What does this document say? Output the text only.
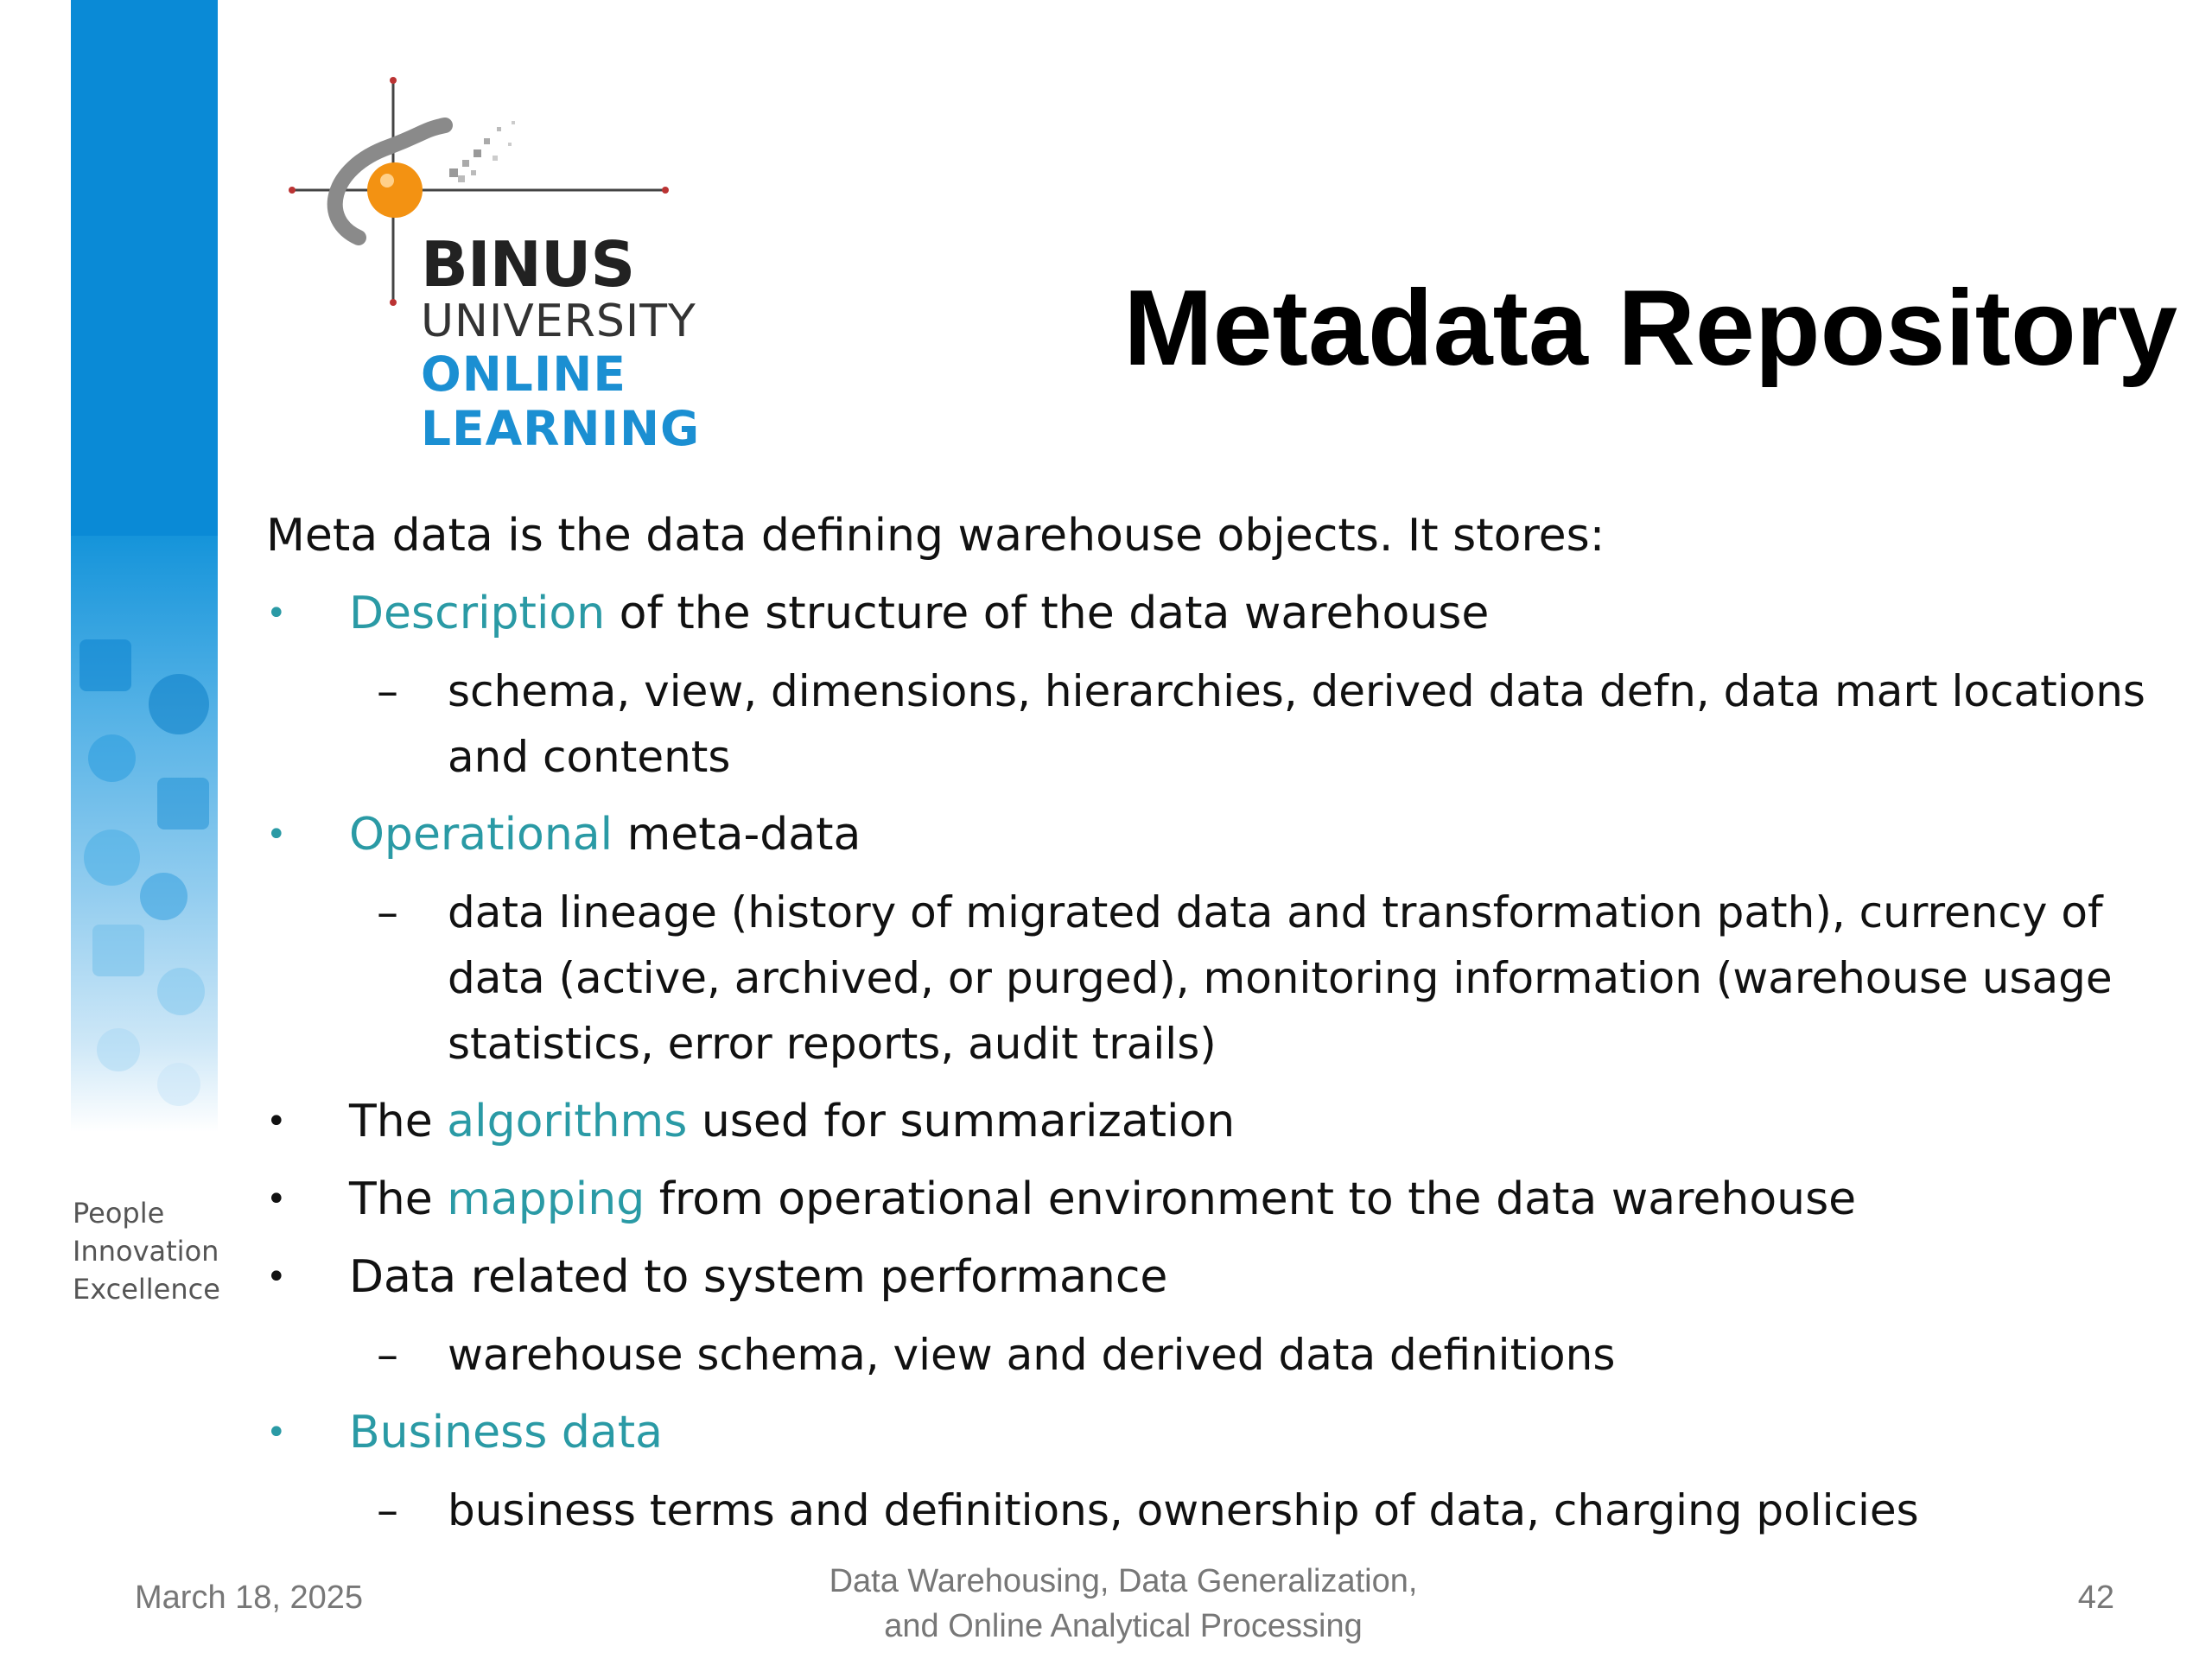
People
Innovation
Excellence
BINUS
UNIVERSITY
ONLINE
LEARNING
Metadata Repository
Meta data is the data defining warehouse objects. It stores:
• Description of the structure of the data warehouse
– schema, view, dimensions, hierarchies, derived data defn, data mart locations and contents
• Operational meta-data
– data lineage (history of migrated data and transformation path), currency of data (active, archived, or purged), monitoring information (warehouse usage statistics, error reports, audit trails)
• The algorithms used for summarization
• The mapping from operational environment to the data warehouse
• Data related to system performance
– warehouse schema, view and derived data definitions
• Business data
– business terms and definitions, ownership of data, charging policies
March 18, 2025	Data Warehousing, Data Generalization,
and Online Analytical Processing
42
